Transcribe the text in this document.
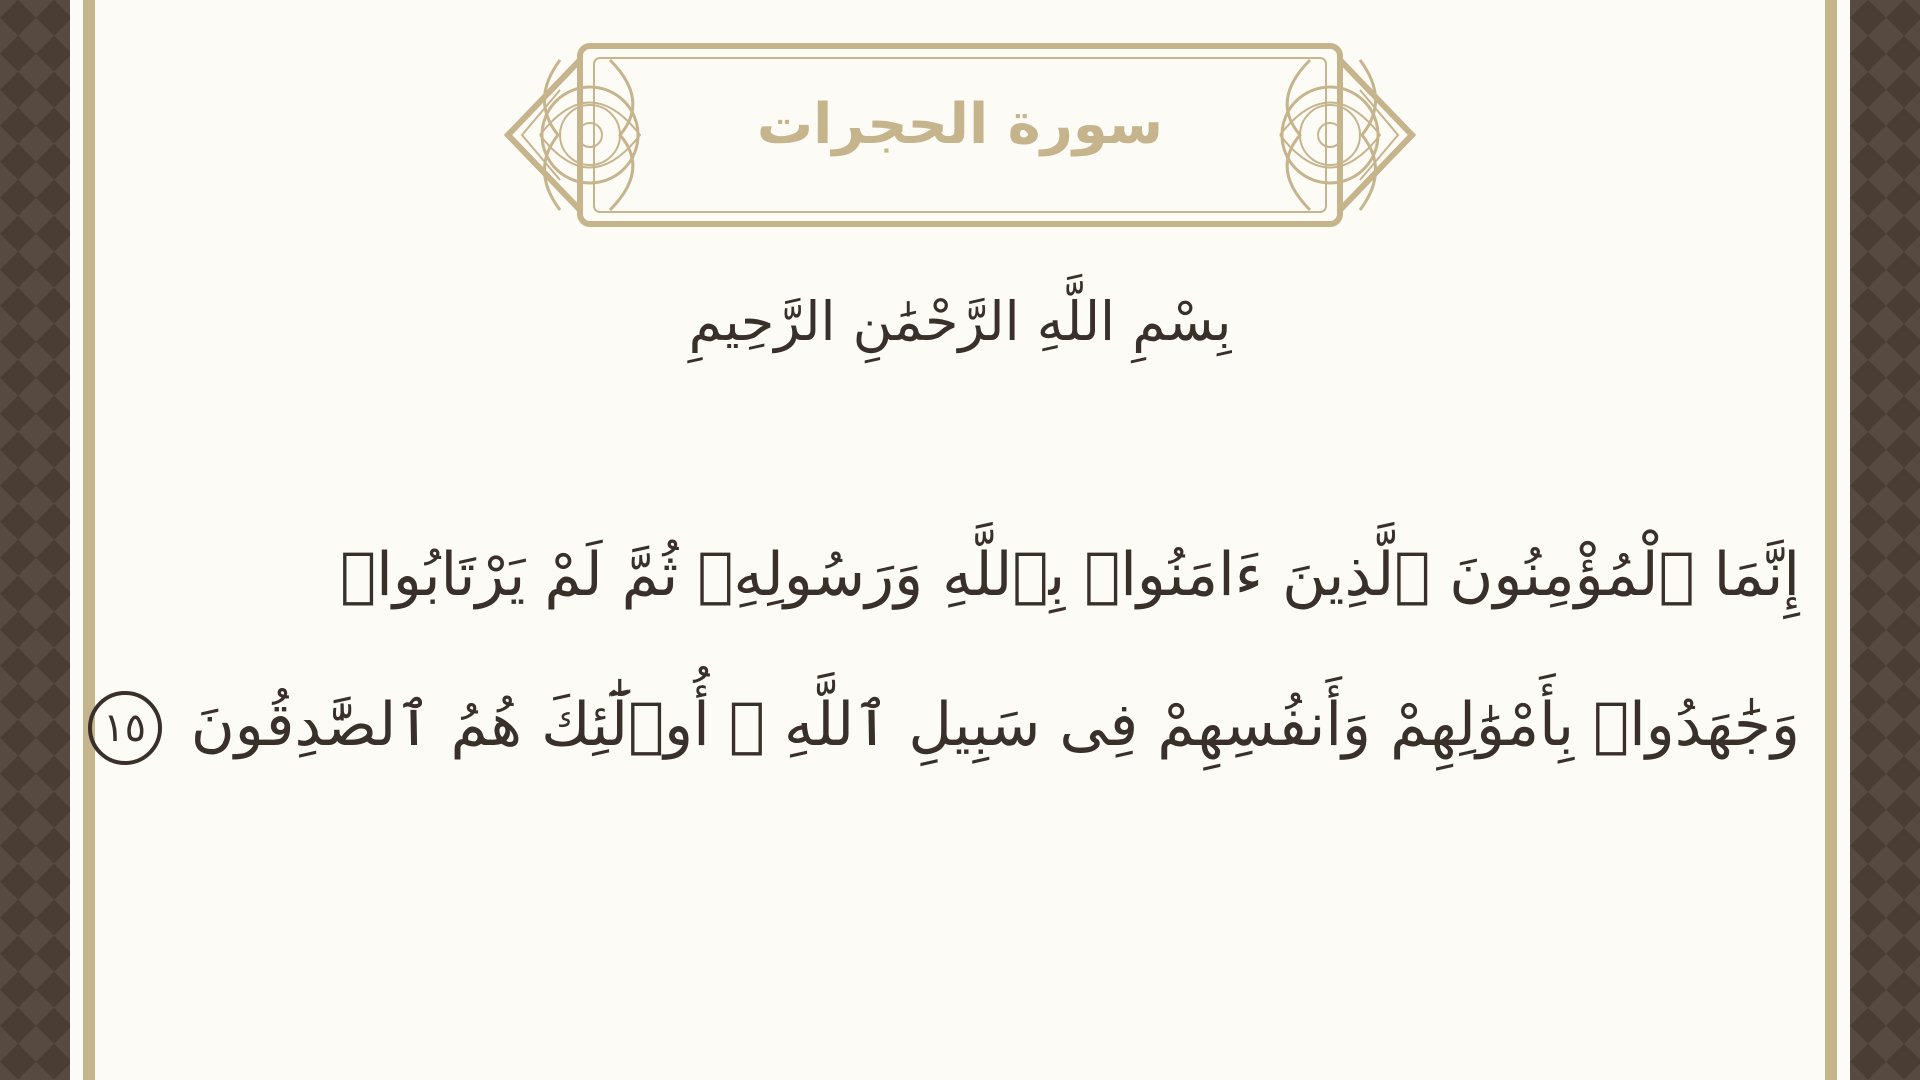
سورة الحجرات
بِسْمِ اللَّهِ الرَّحْمَٰنِ الرَّحِيمِ
إِنَّمَا ٱلْمُؤْمِنُونَ ٱلَّذِينَ ءَامَنُوا۟ بِٱللَّهِ وَرَسُولِهِۦ ثُمَّ لَمْ يَرْتَابُوا۟
وَجَٰهَدُوا۟ بِأَمْوَٰلِهِمْ وَأَنفُسِهِمْ فِى سَبِيلِ ٱللَّهِ ۚ أُو۟لَٰٓئِكَ هُمُ ٱلصَّٰدِقُونَ ١٥
